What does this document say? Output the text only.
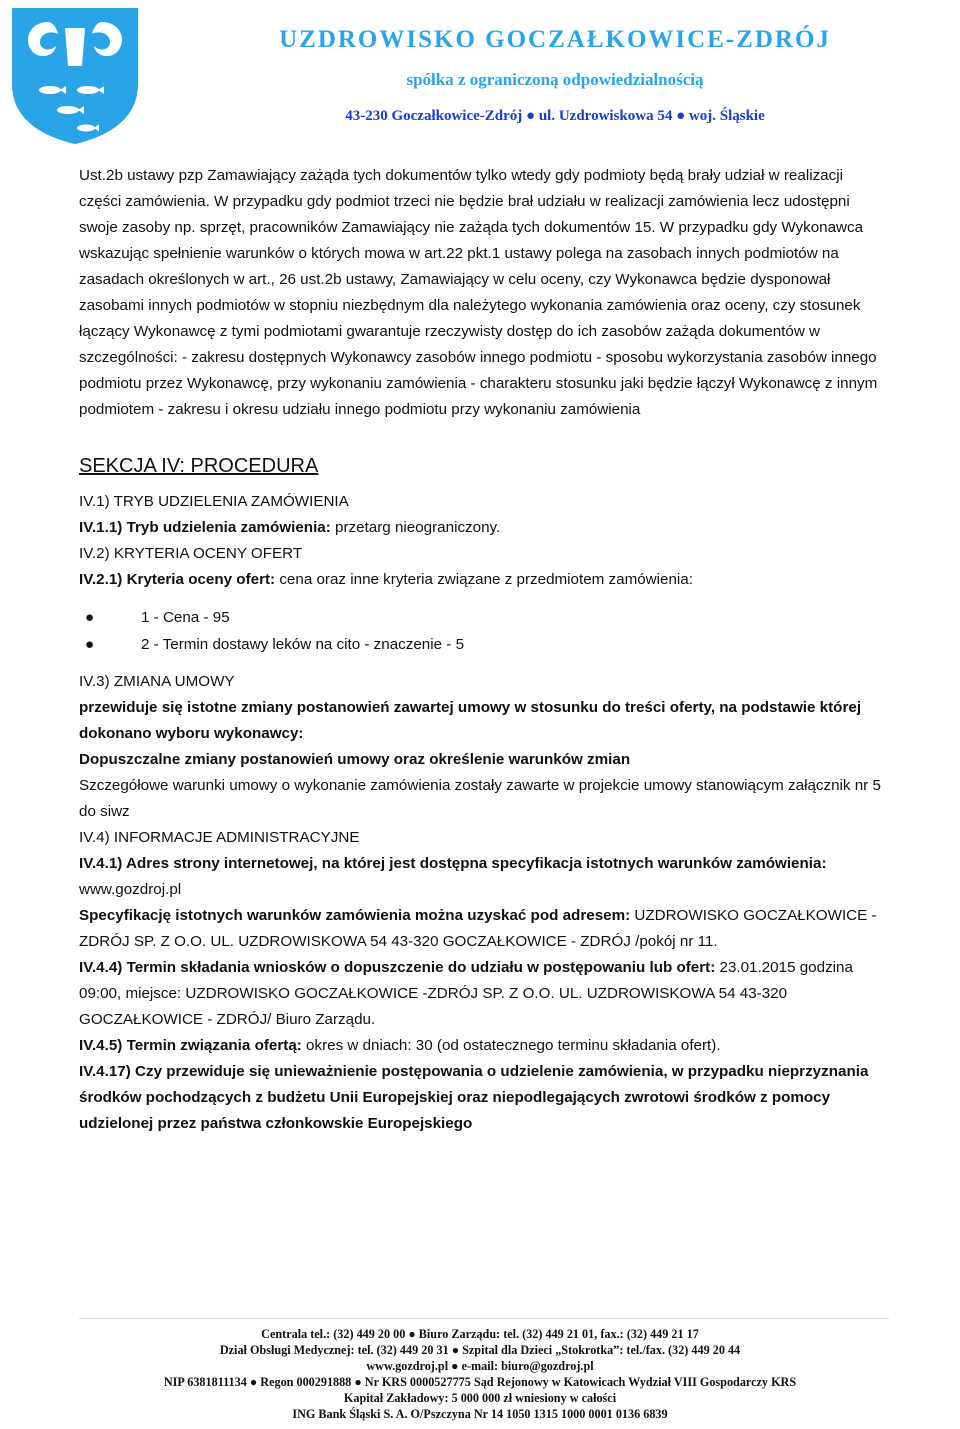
UZDROWISKO GOCZAŁKOWICE-ZDRÓJ
spółka z ograniczoną odpowiedzialnością
43-230 Goczałkowice-Zdrój ● ul. Uzdrowiskowa 54 ● woj. Śląskie

Ust.2b ustawy pzp Zamawiający zażąda tych dokumentów tylko wtedy gdy podmioty będą brały udział w realizacji części zamówienia. W przypadku gdy podmiot trzeci nie będzie brał udziału w realizacji zamówienia lecz udostępni swoje zasoby np. sprzęt, pracowników Zamawiający nie zażąda tych dokumentów 15. W przypadku gdy Wykonawca wskazując spełnienie warunków o których mowa w art.22 pkt.1 ustawy polega na zasobach innych podmiotów na zasadach określonych w art., 26 ust.2b ustawy, Zamawiający w celu oceny, czy Wykonawca będzie dysponował zasobami innych podmiotów w stopniu niezbędnym dla należytego wykonania zamówienia oraz oceny, czy stosunek łączący Wykonawcę z tymi podmiotami gwarantuje rzeczywisty dostęp do ich zasobów zażąda dokumentów w szczególności: - zakresu dostępnych Wykonawcy zasobów innego podmiotu - sposobu wykorzystania zasobów innego podmiotu przez Wykonawcę, przy wykonaniu zamówienia - charakteru stosunku jaki będzie łączył Wykonawcę z innym podmiotem - zakresu i okresu udziału innego podmiotu przy wykonaniu zamówienia

SEKCJA IV: PROCEDURA

IV.1) TRYB UDZIELENIA ZAMÓWIENIA

IV.1.1) Tryb udzielenia zamówienia: przetarg nieograniczony.

IV.2) KRYTERIA OCENY OFERT

IV.2.1) Kryteria oceny ofert: cena oraz inne kryteria związane z przedmiotem zamówienia:

●	1 - Cena - 95
●	2 - Termin dostawy leków na cito - znaczenie - 5

IV.3) ZMIANA UMOWY

przewiduje się istotne zmiany postanowień zawartej umowy w stosunku do treści oferty, na podstawie której dokonano wyboru wykonawcy:

Dopuszczalne zmiany postanowień umowy oraz określenie warunków zmian

Szczegółowe warunki umowy o wykonanie zamówienia zostały zawarte w projekcie umowy stanowiącym załącznik nr 5 do siwz

IV.4) INFORMACJE ADMINISTRACYJNE

IV.4.1) Adres strony internetowej, na której jest dostępna specyfikacja istotnych warunków zamówienia: www.gozdroj.pl

Specyfikację istotnych warunków zamówienia można uzyskać pod adresem: UZDROWISKO GOCZAŁKOWICE -ZDRÓJ SP. Z O.O. UL. UZDROWISKOWA 54 43-320 GOCZAŁKOWICE - ZDRÓJ /pokój nr 11.

IV.4.4) Termin składania wniosków o dopuszczenie do udziału w postępowaniu lub ofert: 23.01.2015 godzina 09:00, miejsce: UZDROWISKO GOCZAŁKOWICE -ZDRÓJ SP. Z O.O. UL. UZDROWISKOWA 54 43-320 GOCZAŁKOWICE - ZDRÓJ/ Biuro Zarządu.

IV.4.5) Termin związania ofertą: okres w dniach: 30 (od ostatecznego terminu składania ofert).

IV.4.17) Czy przewiduje się unieważnienie postępowania o udzielenie zamówienia, w przypadku nieprzyznania środków pochodzących z budżetu Unii Europejskiej oraz niepodlegających zwrotowi środków z pomocy udzielonej przez państwa członkowskie Europejskiego

Centrala tel.: (32) 449 20 00 ● Biuro Zarządu: tel. (32) 449 21 01, fax.: (32) 449 21 17
Dział Obsługi Medycznej: tel. (32) 449 20 31 ● Szpital dla Dzieci „Stokrotka”: tel./fax. (32) 449 20 44
www.gozdroj.pl ● e-mail: biuro@gozdroj.pl
NIP 6381811134 ● Regon 000291888 ● Nr KRS 0000527775 Sąd Rejonowy w Katowicach Wydział VIII Gospodarczy KRS
Kapitał Zakładowy: 5 000 000 zł wniesiony w całości
ING Bank Śląski S. A. O/Pszczyna Nr 14 1050 1315 1000 0001 0136 6839
